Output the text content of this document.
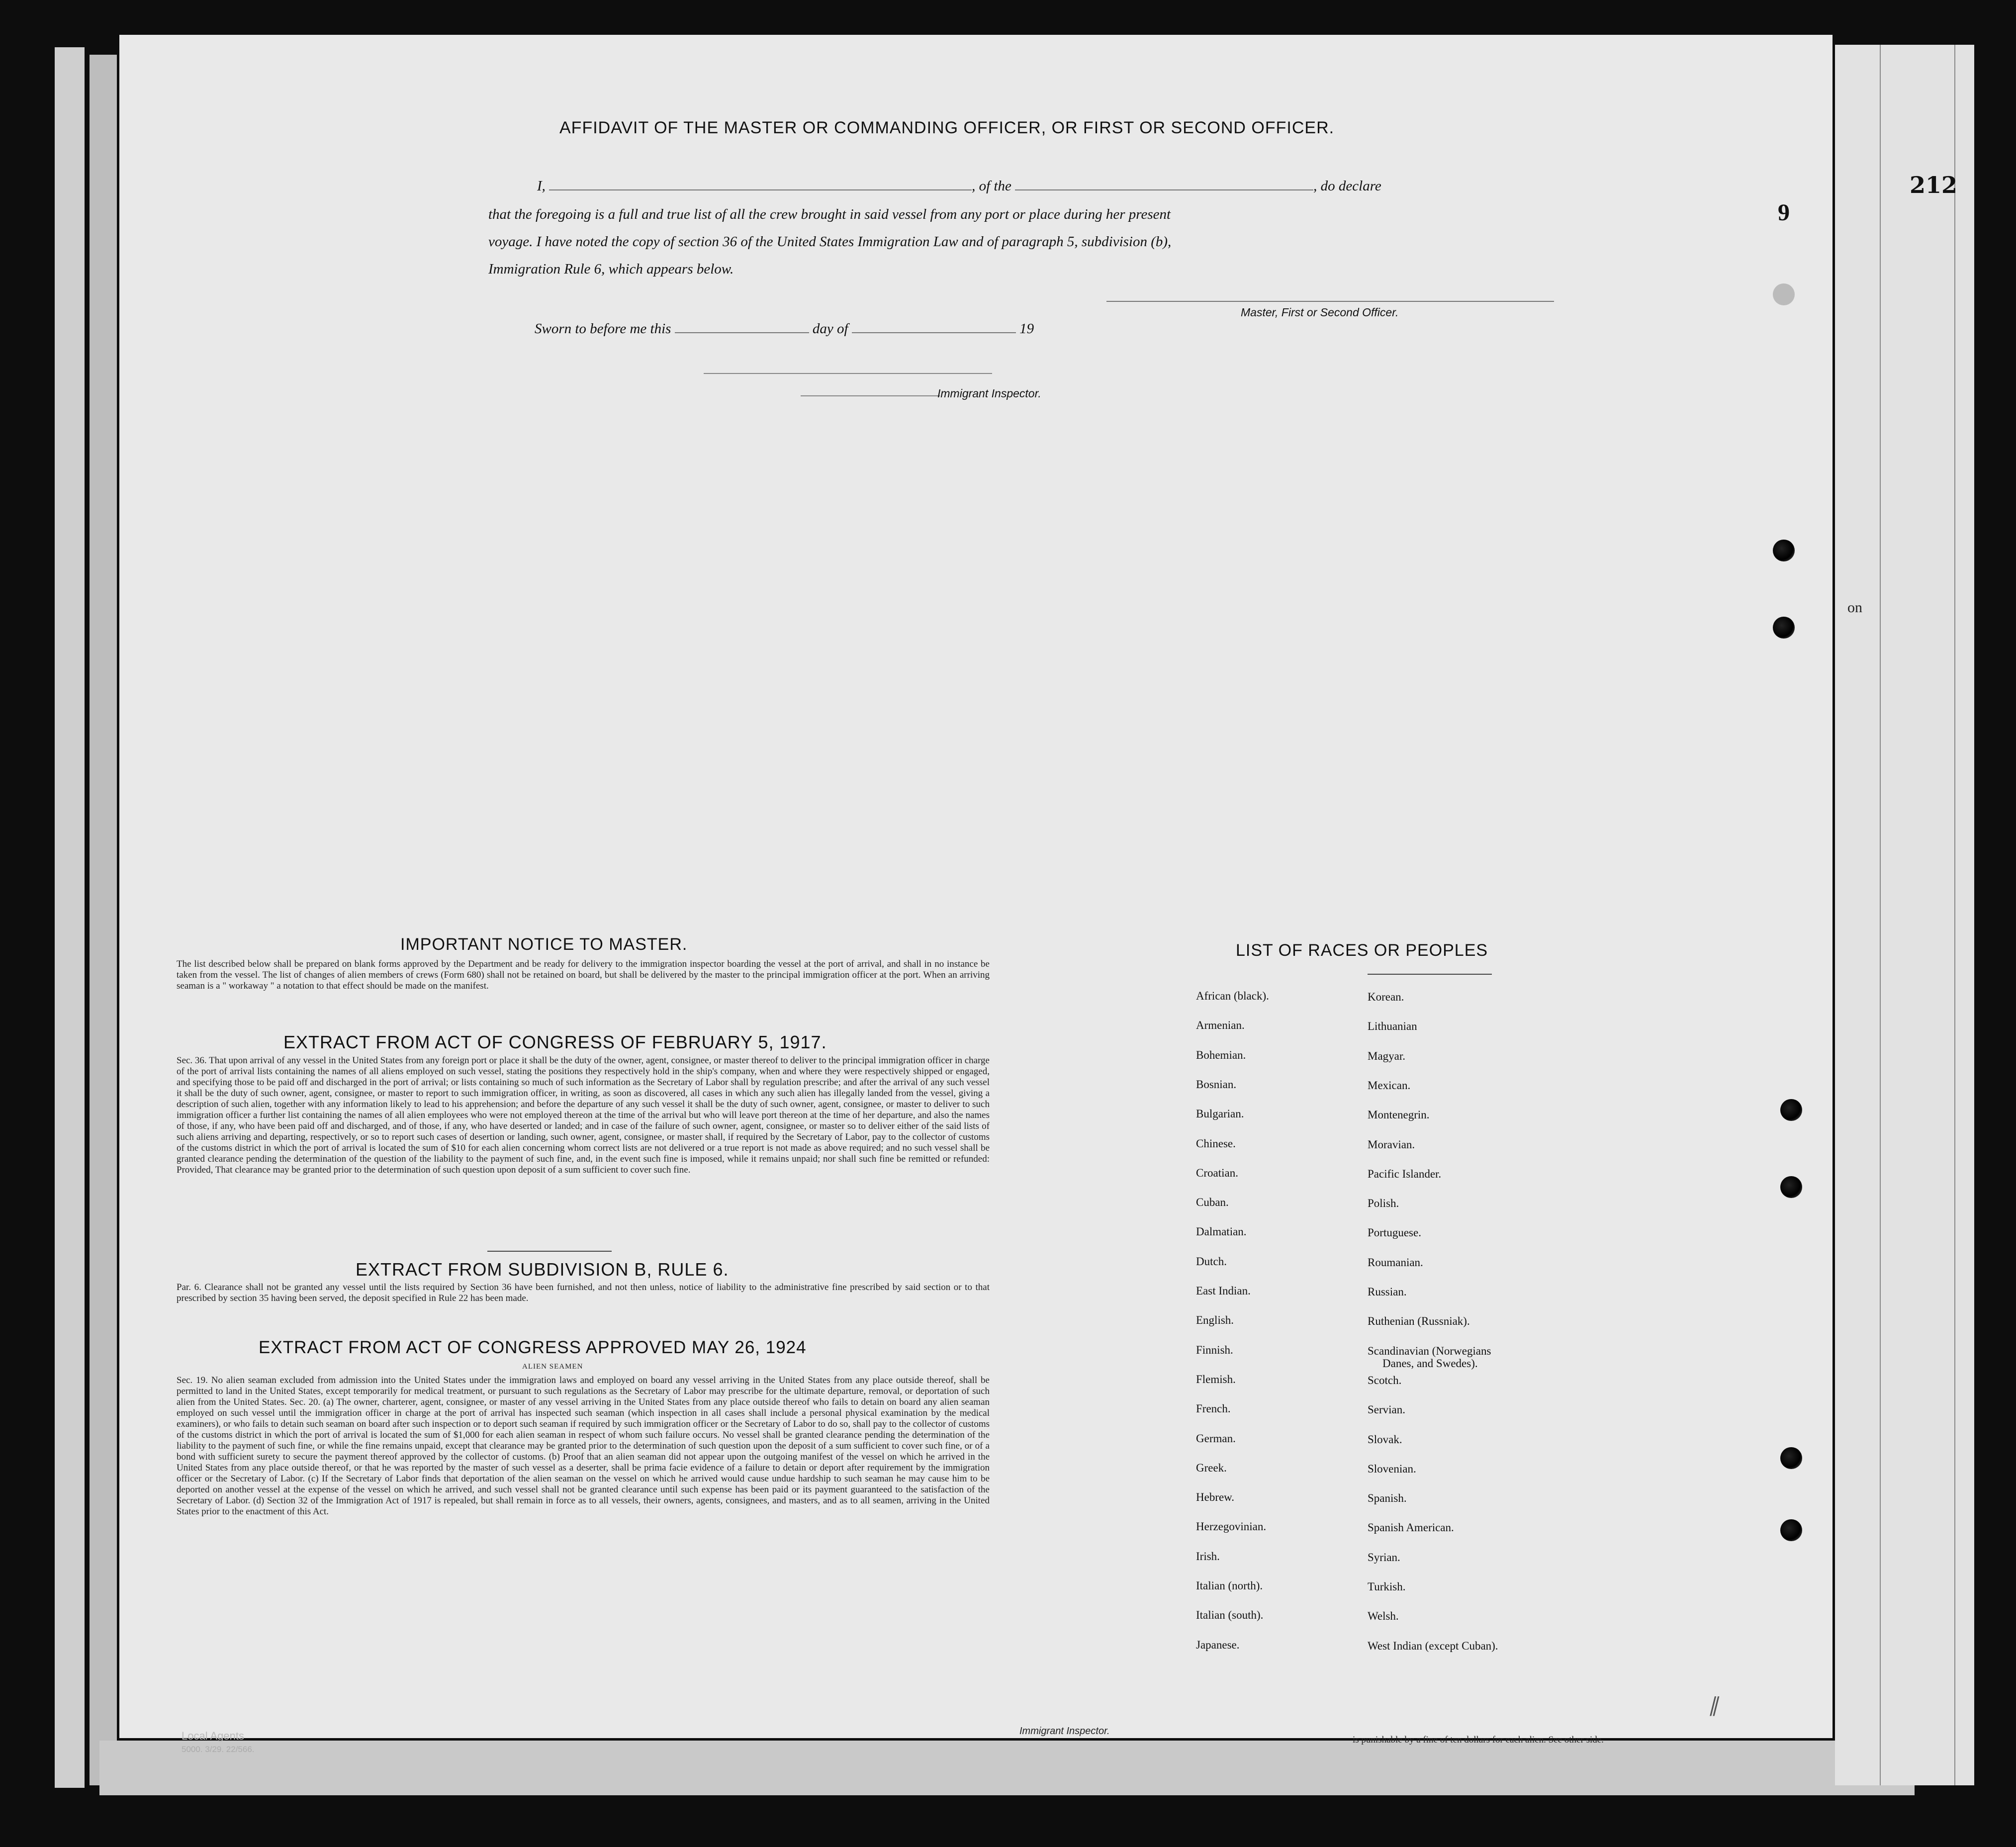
212
on
9
AFFIDAVIT OF THE MASTER OR COMMANDING OFFICER, OR FIRST OR SECOND OFFICER.
I,	, of the	, do declare
that the foregoing is a full and true list of all the crew brought in said vessel from any port or place during her present
voyage. I have noted the copy of section 36 of the United States Immigration Law and of paragraph 5, subdivision (b),
Immigration Rule 6, which appears below.
Master, First or Second Officer.
Sworn to before me this	day of	19
Immigrant Inspector.
IMPORTANT NOTICE TO MASTER.
The list described below shall be prepared on blank forms approved by the Department and be ready for delivery to the immigration inspector boarding the vessel at the port of arrival, and shall in no instance be taken from the vessel. The list of changes of alien members of crews (Form 680) shall not be retained on board, but shall be delivered by the master to the principal immigration officer at the port. When an arriving seaman is a " workaway " a notation to that effect should be made on the manifest.
EXTRACT FROM ACT OF CONGRESS OF FEBRUARY 5, 1917.
Sec. 36. That upon arrival of any vessel in the United States from any foreign port or place it shall be the duty of the owner, agent, consignee, or master thereof to deliver to the principal immigration officer in charge of the port of arrival lists containing the names of all aliens employed on such vessel, stating the positions they respectively hold in the ship's company, when and where they were respectively shipped or engaged, and specifying those to be paid off and discharged in the port of arrival; or lists containing so much of such information as the Secretary of Labor shall by regulation prescribe; and after the arrival of any such vessel it shall be the duty of such owner, agent, consignee, or master to report to such immigration officer, in writing, as soon as discovered, all cases in which any such alien has illegally landed from the vessel, giving a description of such alien, together with any information likely to lead to his apprehension; and before the departure of any such vessel it shall be the duty of such owner, agent, consignee, or master to deliver to such immigration officer a further list containing the names of all alien employees who were not employed thereon at the time of the arrival but who will leave port thereon at the time of her departure, and also the names of those, if any, who have been paid off and discharged, and of those, if any, who have deserted or landed; and in case of the failure of such owner, agent, consignee, or master so to deliver either of the said lists of such aliens arriving and departing, respectively, or so to report such cases of desertion or landing, such owner, agent, consignee, or master shall, if required by the Secretary of Labor, pay to the collector of customs of the customs district in which the port of arrival is located the sum of $10 for each alien concerning whom correct lists are not delivered or a true report is not made as above required; and no such vessel shall be granted clearance pending the determination of the question of the liability to the payment of such fine, and, in the event such fine is imposed, while it remains unpaid; nor shall such fine be remitted or refunded: Provided, That clearance may be granted prior to the determination of such question upon deposit of a sum sufficient to cover such fine.
EXTRACT FROM SUBDIVISION B, RULE 6.
Par. 6. Clearance shall not be granted any vessel until the lists required by Section 36 have been furnished, and not then unless, notice of liability to the administrative fine prescribed by said section or to that prescribed by section 35 having been served, the deposit specified in Rule 22 has been made.
EXTRACT FROM ACT OF CONGRESS APPROVED MAY 26, 1924
ALIEN SEAMEN
Sec. 19. No alien seaman excluded from admission into the United States under the immigration laws and employed on board any vessel arriving in the United States from any place outside thereof, shall be permitted to land in the United States, except temporarily for medical treatment, or pursuant to such regulations as the Secretary of Labor may prescribe for the ultimate departure, removal, or deportation of such alien from the United States. Sec. 20. (a) The owner, charterer, agent, consignee, or master of any vessel arriving in the United States from any place outside thereof who fails to detain on board any alien seaman employed on such vessel until the immigration officer in charge at the port of arrival has inspected such seaman (which inspection in all cases shall include a personal physical examination by the medical examiners), or who fails to detain such seaman on board after such inspection or to deport such seaman if required by such immigration officer or the Secretary of Labor to do so, shall pay to the collector of customs of the customs district in which the port of arrival is located the sum of $1,000 for each alien seaman in respect of whom such failure occurs. No vessel shall be granted clearance pending the determination of the liability to the payment of such fine, or while the fine remains unpaid, except that clearance may be granted prior to the determination of such question upon the deposit of a sum sufficient to cover such fine, or of a bond with sufficient surety to secure the payment thereof approved by the collector of customs. (b) Proof that an alien seaman did not appear upon the outgoing manifest of the vessel on which he arrived in the United States from any place outside thereof, or that he was reported by the master of such vessel as a deserter, shall be prima facie evidence of a failure to detain or deport after requirement by the immigration officer or the Secretary of Labor. (c) If the Secretary of Labor finds that deportation of the alien seaman on the vessel on which he arrived would cause undue hardship to such seaman he may cause him to be deported on another vessel at the expense of the vessel on which he arrived, and such vessel shall not be granted clearance until such expense has been paid or its payment guaranteed to the satisfaction of the Secretary of Labor. (d) Section 32 of the Immigration Act of 1917 is repealed, but shall remain in force as to all vessels, their owners, agents, consignees, and masters, and as to all seamen, arriving in the United States prior to the enactment of this Act.
LIST OF RACES OR PEOPLES
∥
African (black).
Armenian.
Bohemian.
Bosnian.
Bulgarian.
Chinese.
Croatian.
Cuban.
Dalmatian.
Dutch.
East Indian.
English.
Finnish.
Flemish.
French.
German.
Greek.
Hebrew.
Herzegovinian.
Irish.
Italian (north).
Italian (south).
Japanese.
Korean.
Lithuanian
Magyar.
Mexican.
Montenegrin.
Moravian.
Pacific Islander.
Polish.
Portuguese.
Roumanian.
Russian.
Ruthenian (Russniak).
Scandinavian (Norwegians
Danes, and Swedes).
Scotch.
Servian.
Slovak.
Slovenian.
Spanish.
Spanish American.
Syrian.
Turkish.
Welsh.
West Indian (except Cuban).
Local Agents
5000. 3/29. 22/566.
Immigrant Inspector.
is punishable by a fine of ten dollars for each alien. See other side.
